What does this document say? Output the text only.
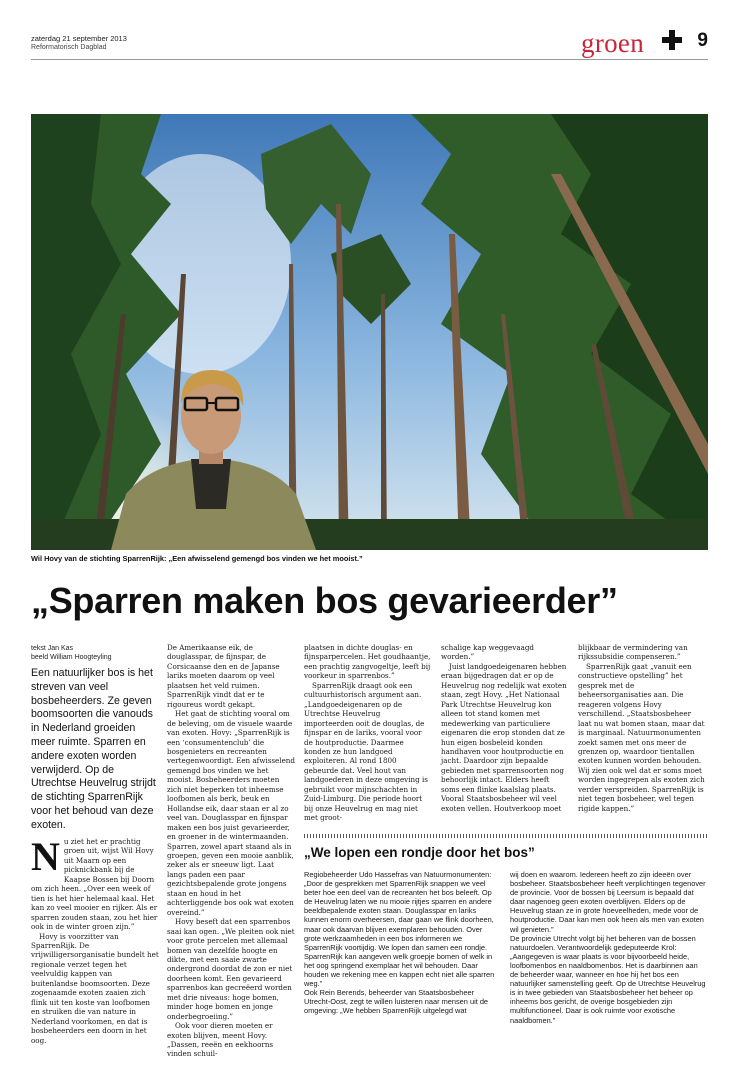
zaterdag 21 september 2013
Reformatorisch Dagblad	groen	9
Wil Hovy van de stichting SparrenRijk: „Een afwisselend gemengd bos vinden we het mooist.”
„Sparren maken bos gevarieerder”
tekst Jan Kas
beeld William Hoogteyling
Een natuurlijker bos is het streven van veel bosbeheerders. Ze geven boomsoorten die vanouds in Nederland groeiden meer ruimte. Sparren en andere exoten worden verwijderd. Op de Utrechtse Heuvelrug strijdt de stichting SparrenRijk voor het behoud van deze exoten.
N u ziet het er prachtig groen uit, wijst Wil Hovy uit Maarn op een picknickbank bij de Kaapse Bossen bij Doorn om zich heen. „Over een week of tien is het hier helemaal kaal. Het kan zo veel mooier en rijker. Als er sparren zouden staan, zou het hier ook in de winter groen zijn.”

Hovy is voorzitter van SparrenRijk. De vrijwilligersorganisatie bundelt het regionale verzet tegen het veelvuldig kappen van buitenlandse boomsoorten. Deze zogenaamde exoten zaaien zich flink uit ten koste van loofbomen en struiken die van nature in Nederland voorkomen, en dat is bosbeheerders een doorn in het oog.

De Amerikaanse eik, de douglasspar, de fijnspar, de Corsicaanse den en de Japanse lariks moeten daarom op veel plaatsen het veld ruimen. SparrenRijk vindt dat er te rigoureus wordt gekapt.

Het gaat de stichting vooral om de beleving, om de visuele waarde van exoten. Hovy: „SparrenRijk is een ‘consumentenclub’ die bosgenieters en recreanten vertegenwoordigt. Een afwisselend gemengd bos vinden we het mooist. Bosbeheerders moeten zich niet beperken tot inheemse loofbomen als berk, beuk en Hollandse eik, daar staan er al zo veel van. Douglasspar en fijnspar maken een bos juist gevarieerder, en groener in de wintermaanden. Sparren, zowel apart staand als in groepen, geven een mooie aanblik, zeker als er sneeuw ligt. Laat langs paden een paar gezichtsbepalende grote jongens staan en houd in het achterliggende bos ook wat exoten overeind.”

Hovy beseft dat een sparrenbos saai kan ogen. „We pleiten ook niet voor grote percelen met allemaal bomen van dezelfde hoogte en dikte, met een saaie zwarte ondergrond doordat de zon er niet doorheen komt. Een gevarieerd sparrenbos kan gecreëerd worden met drie niveaus: hoge bomen, minder hoge bomen en jonge onderbegroeiing.”

Ook voor dieren moeten er exoten blijven, meent Hovy. „Dassen, reeën en eekhoorns vinden schuil-

plaatsen in dichte douglas- en fijnsparpercelen. Het goudhaantje, een prachtig zangvogeltje, leeft bij voorkeur in sparrenbos.”

SparrenRijk draagt ook een cultuurhistorisch argument aan. „Landgoedeigenaren op de Utrechtse Heuvelrug importeerden ooit de douglas, de fijnspar en de lariks, vooral voor de houtproductie. Daarmee konden ze hun landgoed exploiteren. Al rond 1800 gebeurde dat. Veel hout van landgoederen in deze omgeving is gebruikt voor mijnschachten in Zuid-Limburg. Die periode hoort bij onze Heuvelrug en mag niet met groot-

schalige kap weggevaagd worden.”

Juist landgoedeigenaren hebben eraan bijgedragen dat er op de Heuvelrug nog redelijk wat exoten staan, zegt Hovy. „Het Nationaal Park Utrechtse Heuvelrug kon alleen tot stand komen met medewerking van particuliere eigenaren die erop stonden dat ze hun eigen bosbeleid konden handhaven voor houtproductie en jacht. Daardoor zijn bepaalde gebieden met sparrensoorten nog behoorlijk intact. Elders heeft soms een flinke kaalslag plaats. Vooral Staatsbosbeheer wil veel exoten vellen. Houtverkoop moet

blijkbaar de vermindering van rijkssubsidie compenseren.”

SparrenRijk gaat „vanuit een constructieve opstelling” het gesprek met de beheersorganisaties aan. Die reageren volgens Hovy verschillend. „Staatsbosbeheer laat nu wat bomen staan, maar dat is marginaal. Natuurmonumenten zoekt samen met ons meer de grenzen op, waardoor tientallen exoten kunnen worden behouden. Wij zien ook wel dat er soms moet worden ingegrepen als exoten zich verder verspreiden. SparrenRijk is niet tegen bosbeheer, wel tegen rigide kappen.”

„We lopen een rondje door het bos”

Regiobeheerder Udo Hassefras van Natuurmonumenten: „Door de gesprekken met SparrenRijk snappen we veel beter hoe een deel van de recreanten het bos beleeft. Op de Heuvelrug laten we nu mooie rijtjes sparren en andere beeldbepalende exoten staan. Douglasspar en lariks kunnen enorm overheersen, daar gaan we flink doorheen, maar ook daarvan blijven exemplaren behouden. Over grote werkzaamheden in een bos informeren we SparrenRijk voortijdig. We lopen dan samen een rondje. SparrenRijk kan aangeven welk groepje bomen of welk in het oog springend exemplaar het wil behouden. Daar houden we rekening mee en kappen echt niet alle sparren weg.”

Ook Rein Berends, beheerder van Staatsbosbeheer Utrecht-Oost, zegt te willen luisteren naar mensen uit de omgeving: „We hebben SparrenRijk uitgelegd wat

wij doen en waarom. Iedereen heeft zo zijn ideeën over bosbeheer. Staatsbosbeheer heeft verplichtingen tegenover de provincie. Voor de bossen bij Leersum is bepaald dat daar nagenoeg geen exoten overblijven. Elders op de Heuvelrug staan ze in grote hoeveelheden, mede voor de houtproductie. Daar kan men ook heen als men van exoten wil genieten.”

De provincie Utrecht volgt bij het beheren van de bossen natuurdoelen. Verantwoordelijk gedeputeerde Krol: „Aangegeven is waar plaats is voor bijvoorbeeld heide, loofbomenbos en naaldbomenbos. Het is daarbinnen aan de beheerder waar, wanneer en hoe hij het bos een natuurlijker samenstelling geeft. Op de Utrechtse Heuvelrug is in twee gebieden van Staatsbosbeheer het beheer op inheems bos gericht, de overige bosgebieden zijn multifunctioneel. Daar is ook ruimte voor exotische naaldbomen.”
